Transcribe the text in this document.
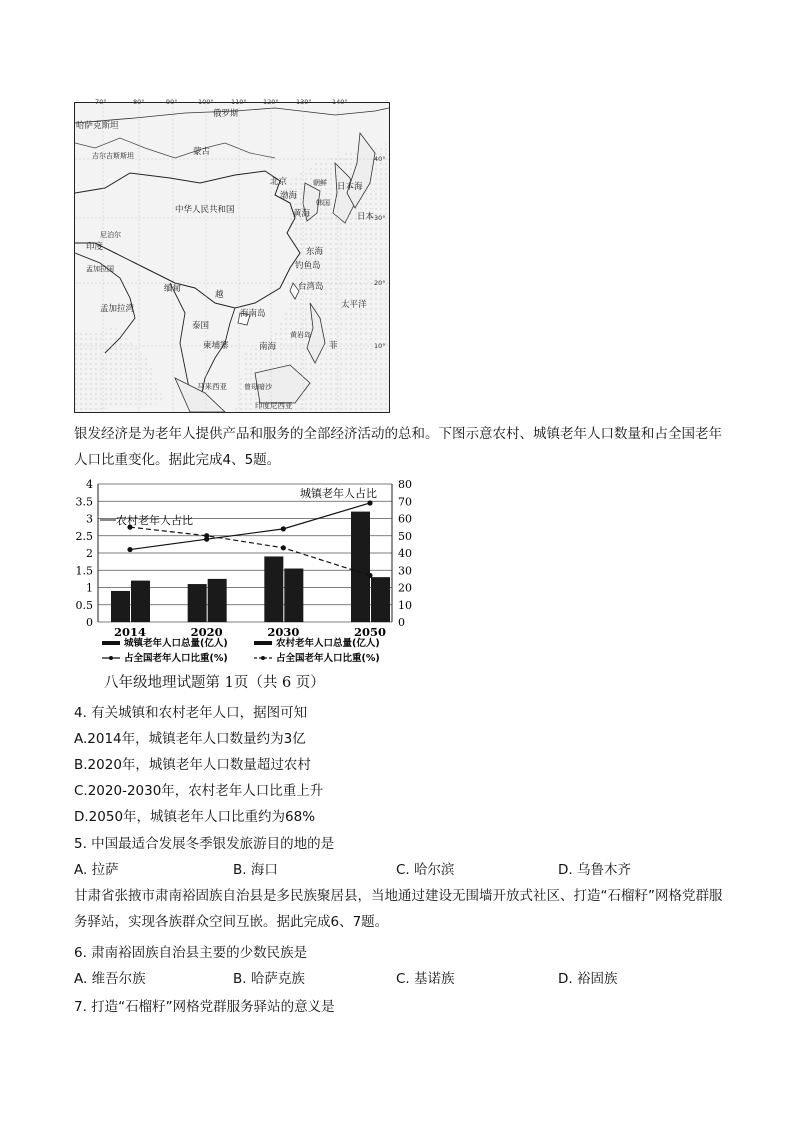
70°	80°	90°	100°	110°	120°	130°	140°
40°
30°
20°
10°
哈萨克斯坦
俄罗斯
蒙古
吉尔吉斯斯坦
北京
渤海
朝鲜
韩国
日本海
日本
黄海
中华人民共和国
印度
尼泊尔
东海
钓鱼岛
台湾岛
孟加拉国
缅甸
越
海南岛
孟加拉湾
泰国
柬埔寨	南海
黄岩岛
太平洋
菲
马来西亚 曾母暗沙
印度尼西亚
银发经济是为老年人提供产品和服务的全部经济活动的总和。下图示意农村、城镇老年人口数量和占全国老年人口比重变化。据此完成4、5题。
4
3.5
3
2.5
2
1.5
1
0.5
0
80
70
60
50
40
30
20
10
0
2014	2020	2030	2050
城镇老年人占比
农村老年人占比
城镇老年人口总量(亿人)	农村老年人口总量(亿人)
占全国老年人口比重(%)	占全国老年人口比重(%)
八年级地理试题第 1页（共 6 页）
4. 有关城镇和农村老年人口，据图可知
A.2014年，城镇老年人口数量约为3亿
B.2020年，城镇老年人口数量超过农村
C.2020-2030年，农村老年人口比重上升
D.2050年，城镇老年人口比重约为68%
5. 中国最适合发展冬季银发旅游目的地的是
A. 拉萨	B. 海口	C. 哈尔滨	D. 乌鲁木齐
甘肃省张掖市肃南裕固族自治县是多民族聚居县，当地通过建设无围墙开放式社区、打造“石榴籽”网格党群服务驿站，实现各族群众空间互嵌。据此完成6、7题。
6. 肃南裕固族自治县主要的少数民族是
A. 维吾尔族	B. 哈萨克族	C. 基诺族	D. 裕固族
7. 打造“石榴籽”网格党群服务驿站的意义是
